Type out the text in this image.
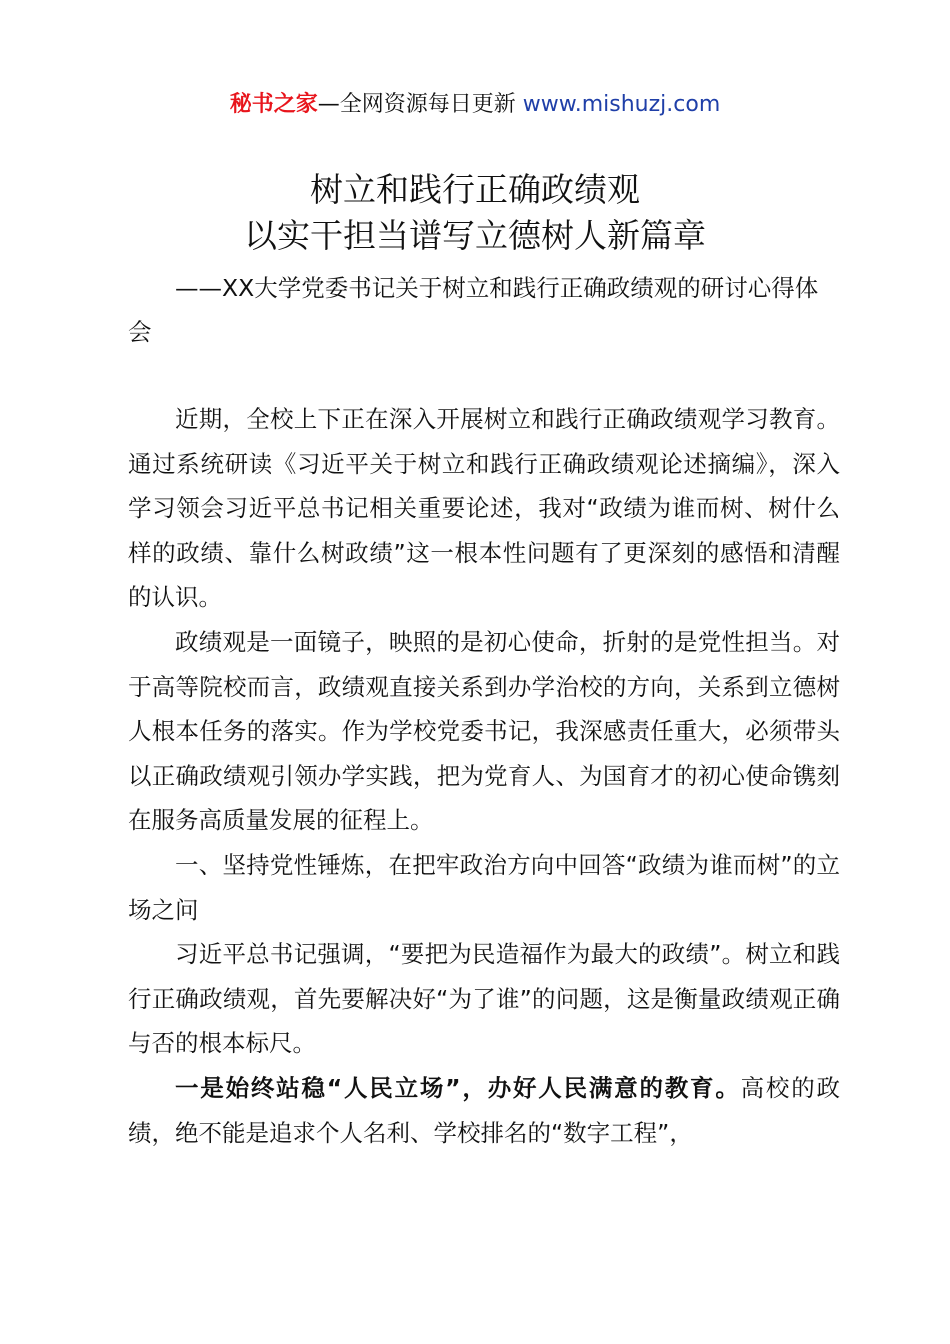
秘书之家—全网资源每日更新 www.mishuzj.com
树立和践行正确政绩观
以实干担当谱写立德树人新篇章
——XX大学党委书记关于树立和践行正确政绩观的研讨心得体会

近期，全校上下正在深入开展树立和践行正确政绩观学习教育。通过系统研读《习近平关于树立和践行正确政绩观论述摘编》，深入学习领会习近平总书记相关重要论述，我对“政绩为谁而树、树什么样的政绩、靠什么树政绩”这一根本性问题有了更深刻的感悟和清醒的认识。

政绩观是一面镜子，映照的是初心使命，折射的是党性担当。对于高等院校而言，政绩观直接关系到办学治校的方向，关系到立德树人根本任务的落实。作为学校党委书记，我深感责任重大，必须带头以正确政绩观引领办学实践，把为党育人、为国育才的初心使命镌刻在服务高质量发展的征程上。

一、坚持党性锤炼，在把牢政治方向中回答“政绩为谁而树”的立场之问

习近平总书记强调，“要把为民造福作为最大的政绩”。树立和践行正确政绩观，首先要解决好“为了谁”的问题，这是衡量政绩观正确与否的根本标尺。

一是始终站稳“人民立场”，办好人民满意的教育。高校的政绩，绝不能是追求个人名利、学校排名的“数字工程”，
